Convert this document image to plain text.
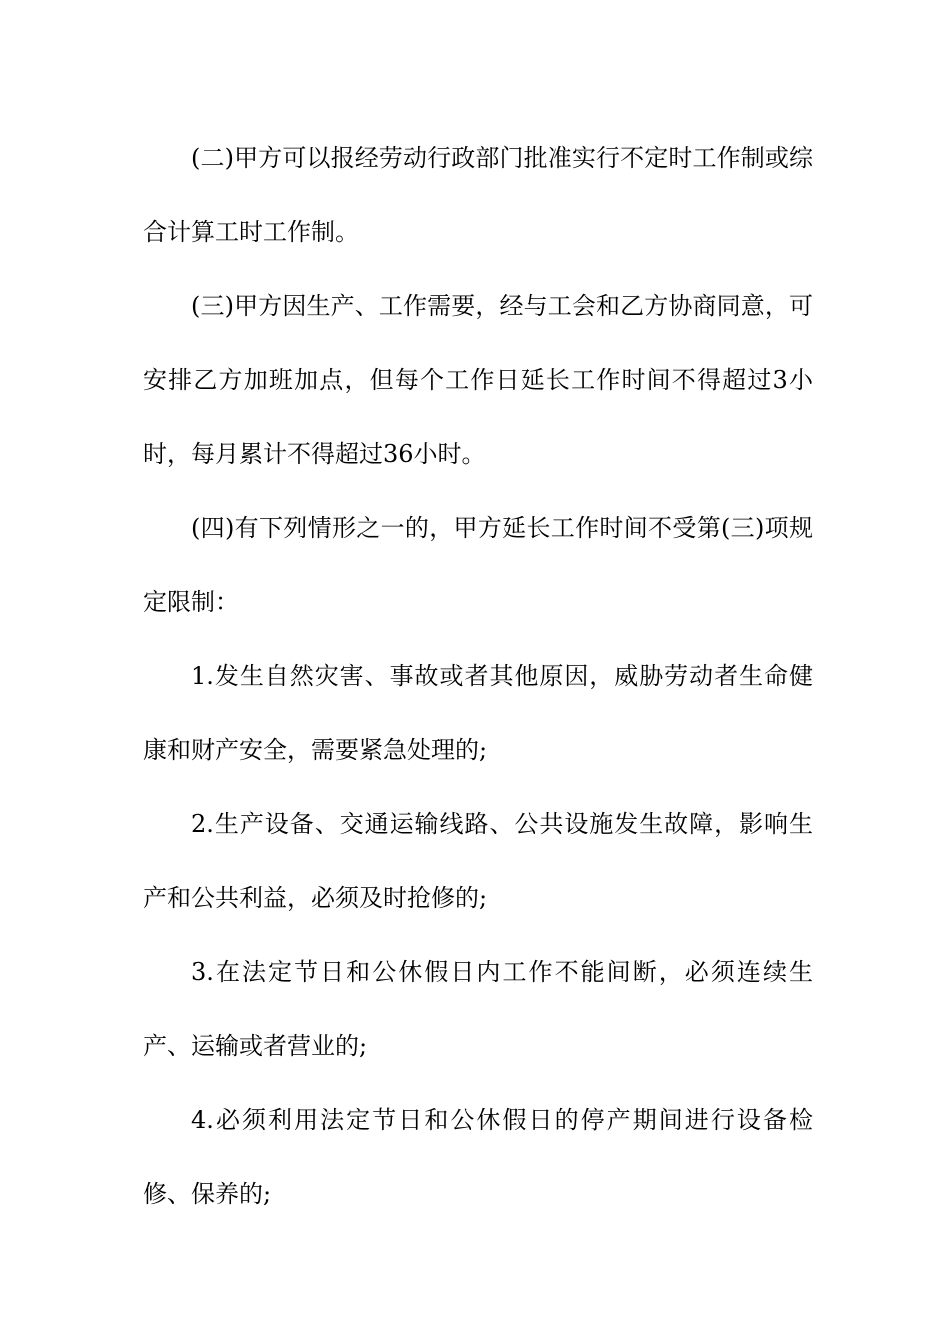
(二)甲方可以报经劳动行政部门批准实行不定时工作制或综合计算工时工作制。

(三)甲方因生产、工作需要，经与工会和乙方协商同意，可安排乙方加班加点，但每个工作日延长工作时间不得超过3小时，每月累计不得超过36小时。

(四)有下列情形之一的，甲方延长工作时间不受第(三)项规定限制：

1.发生自然灾害、事故或者其他原因，威胁劳动者生命健康和财产安全，需要紧急处理的;

2.生产设备、交通运输线路、公共设施发生故障，影响生产和公共利益，必须及时抢修的;

3.在法定节日和公休假日内工作不能间断，必须连续生产、运输或者营业的;

4.必须利用法定节日和公休假日的停产期间进行设备检修、保养的;
